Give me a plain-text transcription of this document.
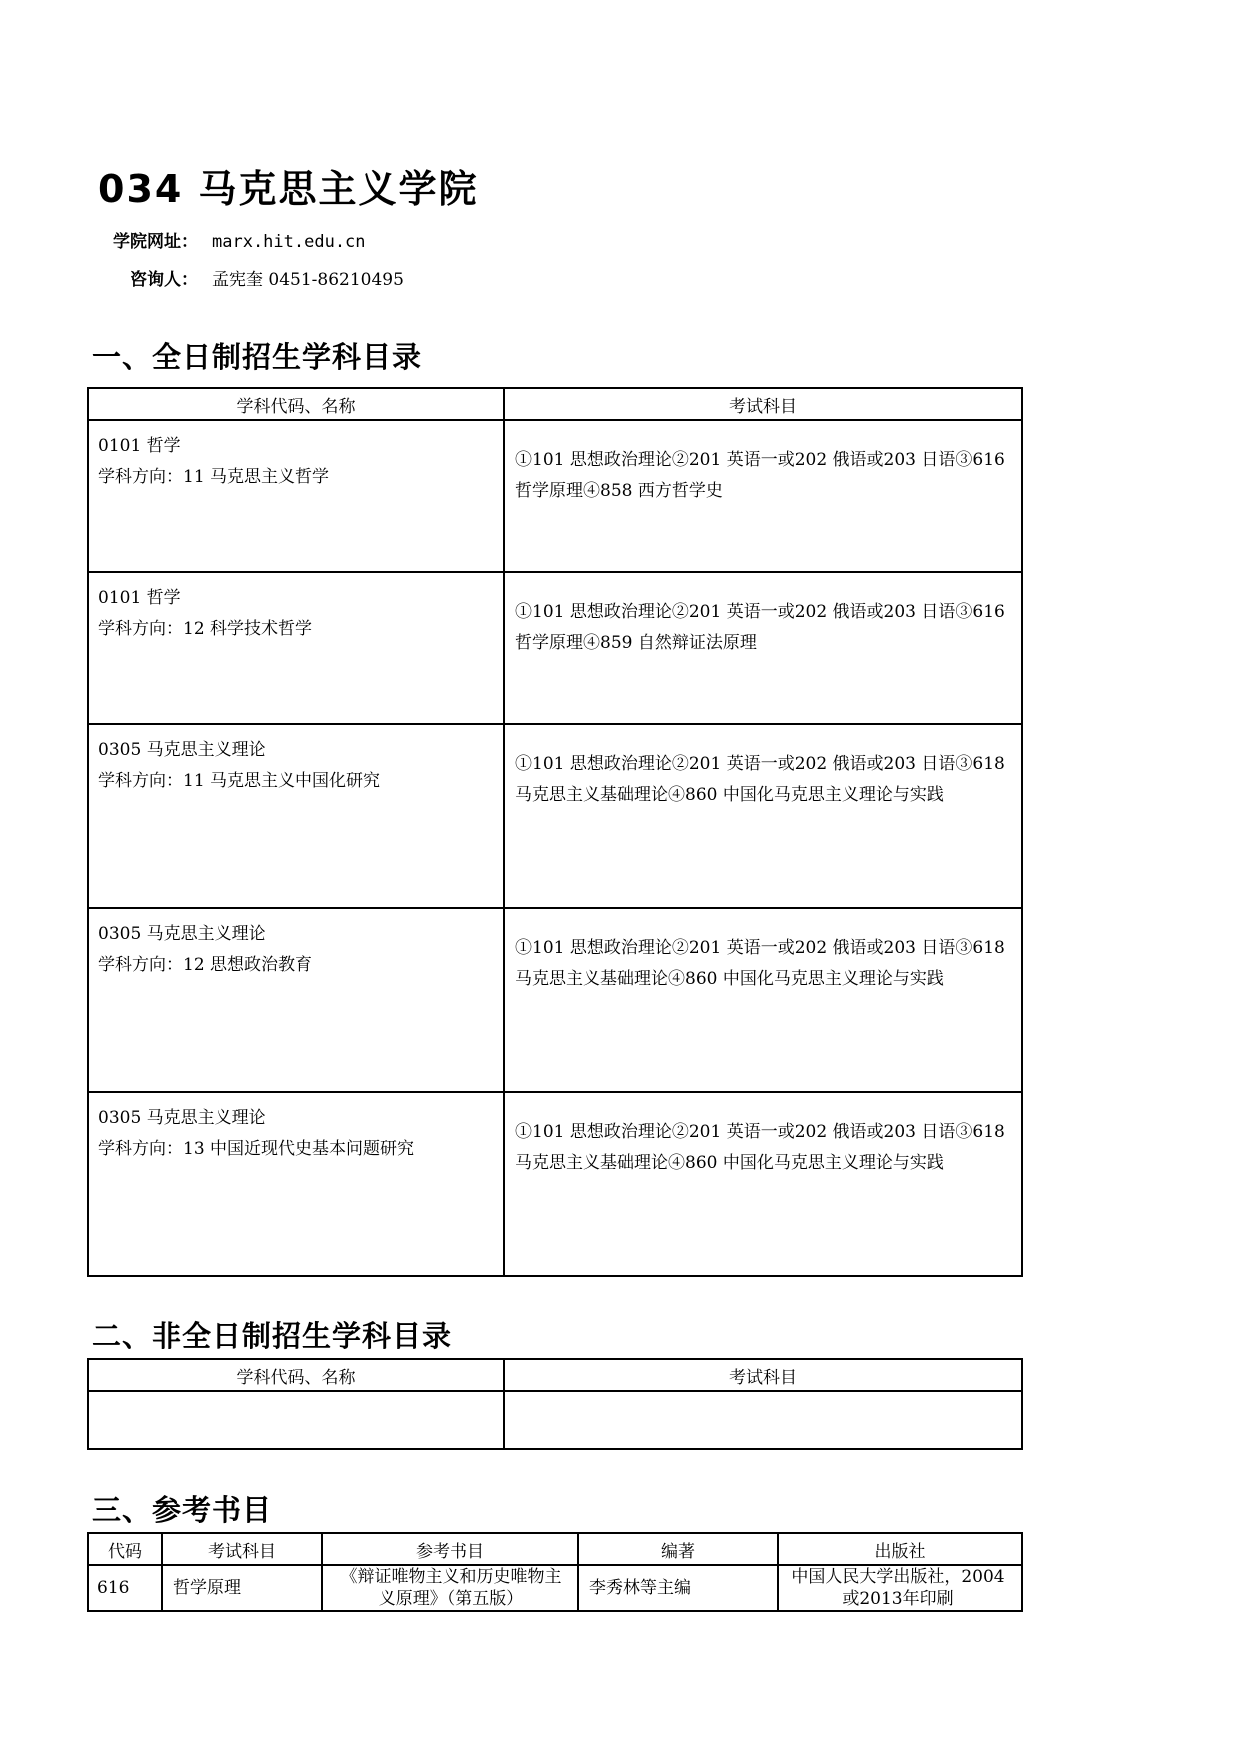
034 马克思主义学院
学院网址： marx.hit.edu.cn
咨询人： 孟宪奎 0451-86210495
一、全日制招生学科目录
学科代码、名称	考试科目

0101 哲学
学科方向：11 马克思主义哲学	①101 思想政治理论②201 英语一或202 俄语或203 日语③616 哲学原理④858 西方哲学史

0101 哲学
学科方向：12 科学技术哲学	①101 思想政治理论②201 英语一或202 俄语或203 日语③616 哲学原理④859 自然辩证法原理

0305 马克思主义理论
学科方向：11 马克思主义中国化研究	①101 思想政治理论②201 英语一或202 俄语或203 日语③618 马克思主义基础理论④860 中国化马克思主义理论与实践

0305 马克思主义理论
学科方向：12 思想政治教育	①101 思想政治理论②201 英语一或202 俄语或203 日语③618 马克思主义基础理论④860 中国化马克思主义理论与实践

0305 马克思主义理论
学科方向：13 中国近现代史基本问题研究	①101 思想政治理论②201 英语一或202 俄语或203 日语③618 马克思主义基础理论④860 中国化马克思主义理论与实践
二、非全日制招生学科目录
学科代码、名称	考试科目

三、参考书目
代码	考试科目	参考书目	编著	出版社
616	哲学原理	《辩证唯物主义和历史唯物主义原理》（第五版）	李秀林等主编	中国人民大学出版社，2004或2013年印刷
